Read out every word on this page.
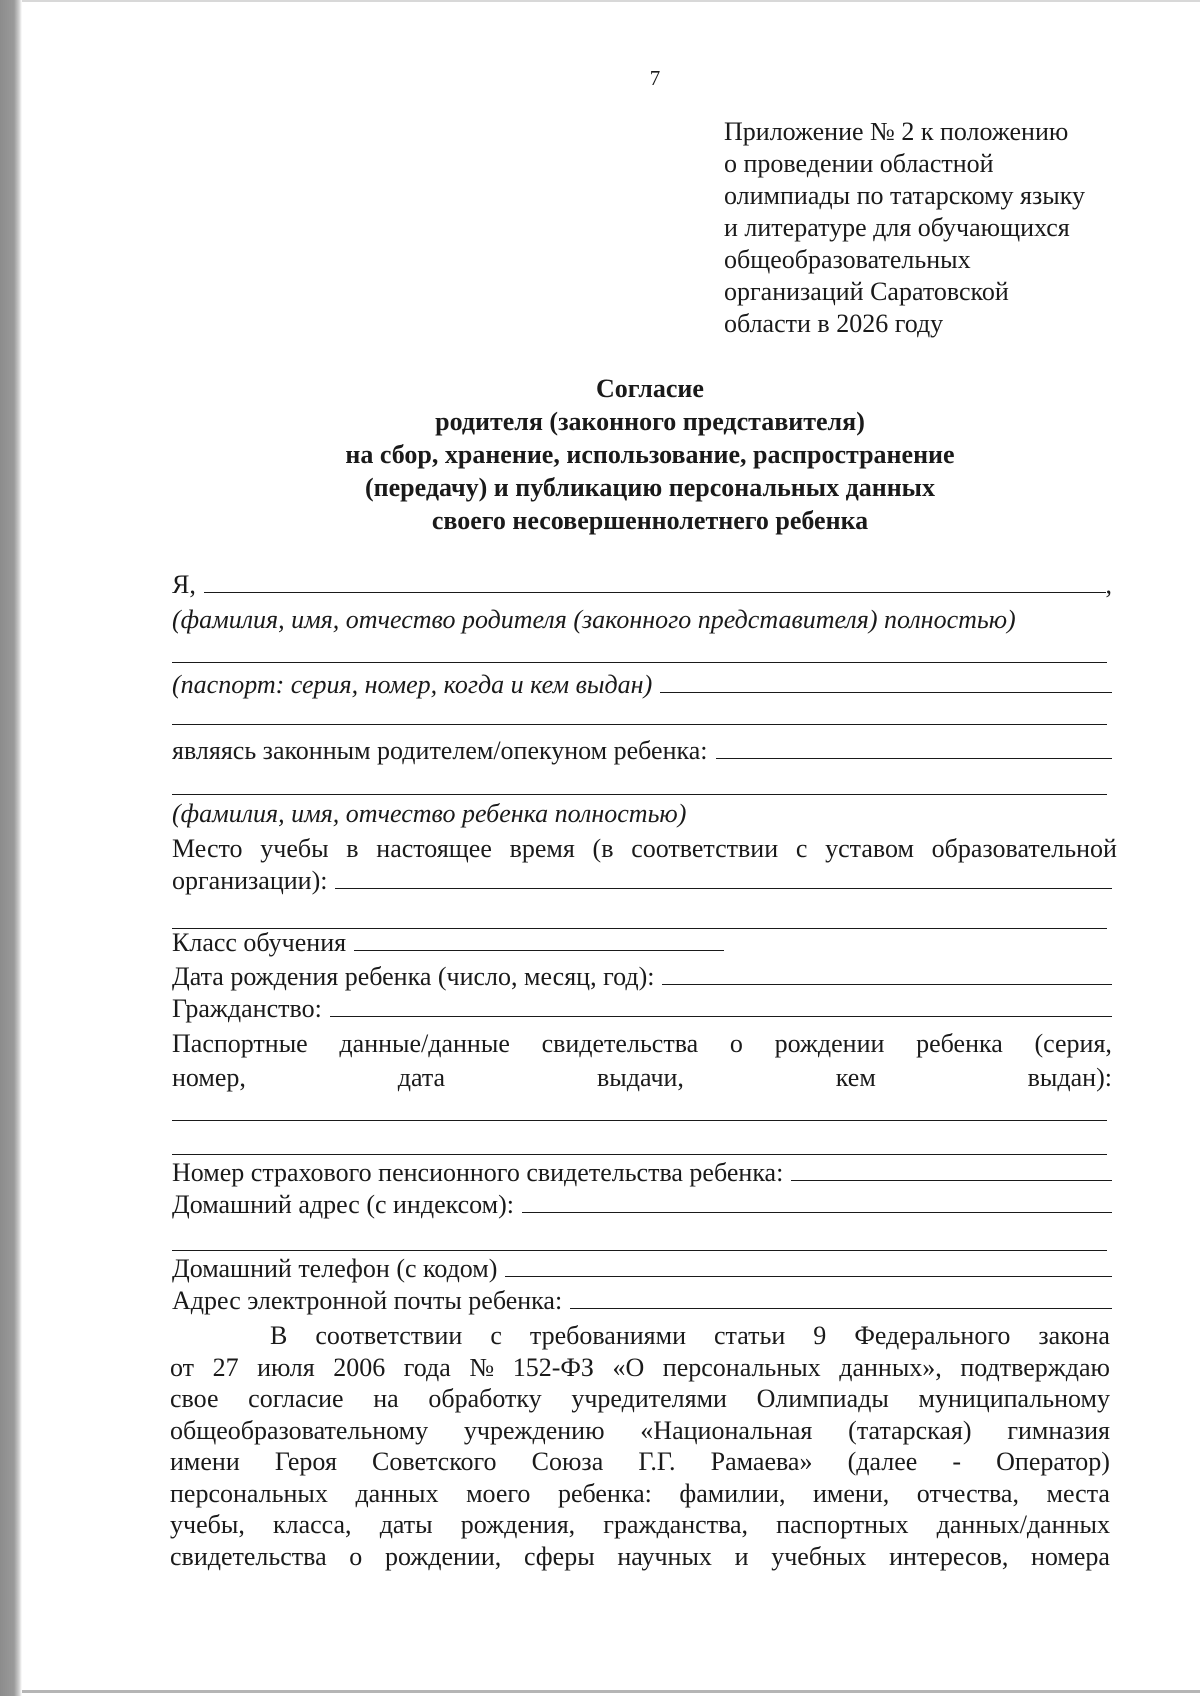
7
Приложение № 2 к положению
о проведении областной
олимпиады по татарскому языку
и литературе для обучающихся
общеобразовательных
организаций Саратовской
области в 2026 году
Согласие
родителя (законного представителя)
на сбор, хранение, использование, распространение
(передачу) и публикацию персональных данных
своего несовершеннолетнего ребенка
Я,	,
(фамилия, имя, отчество родителя (законного представителя) полностью)
(паспорт: серия, номер, когда и кем выдан)
являясь законным родителем/опекуном ребенка:
(фамилия, имя, отчество ребенка полностью)
Место учебы в настоящее время (в соответствии с уставом образовательной
организации):
Класс обучения
Дата рождения ребенка (число, месяц, год):
Гражданство:
Паспортные данные/данные свидетельства о рождении ребенка (серия,
номер,	дата	выдачи,	кем	выдан):
Номер страхового пенсионного свидетельства ребенка:
Домашний адрес (с индексом):
Домашний телефон (с кодом)
Адрес электронной почты ребенка:
В соответствии с требованиями статьи 9 Федерального закона
от 27 июля 2006 года № 152-ФЗ «О персональных данных», подтверждаю
свое согласие на обработку учредителями Олимпиады муниципальному
общеобразовательному учреждению «Национальная (татарская) гимназия
имени Героя Советского Союза Г.Г. Рамаева» (далее - Оператор)
персональных данных моего ребенка: фамилии, имени, отчества, места
учебы, класса, даты рождения, гражданства, паспортных данных/данных
свидетельства о рождении, сферы научных и учебных интересов, номера
